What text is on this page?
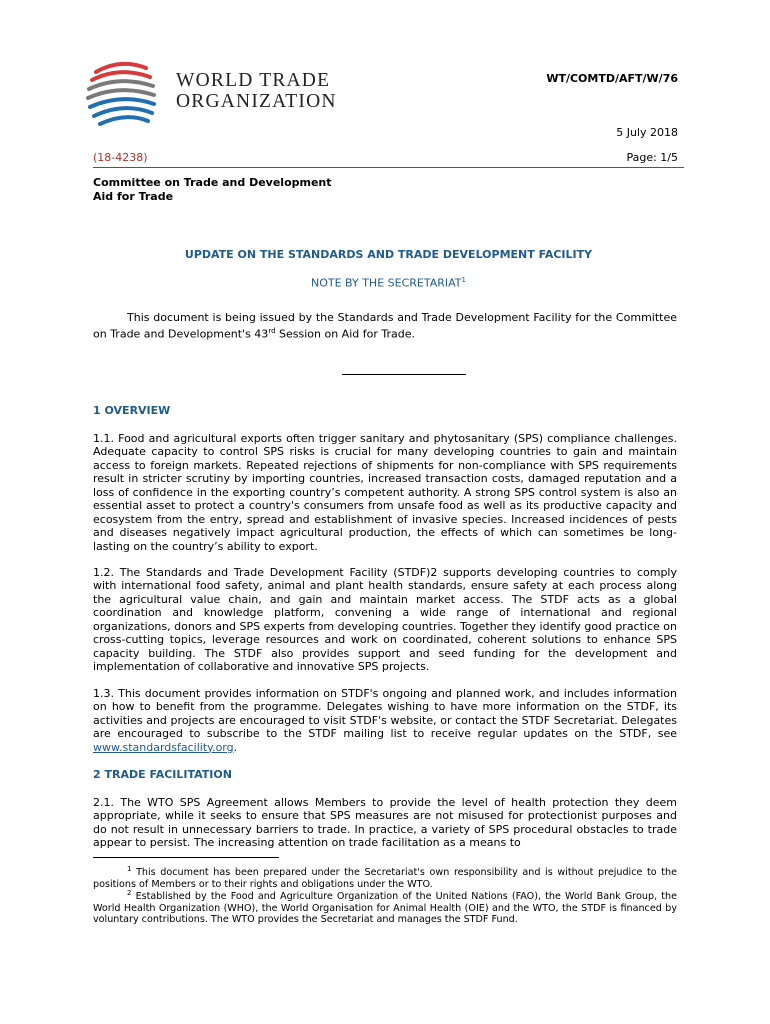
WORLD TRADE
ORGANIZATION
WT/COMTD/AFT/W/76
5 July 2018
(18-4238)	Page: 1/5
Committee on Trade and Development
Aid for Trade
UPDATE ON THE STANDARDS AND TRADE DEVELOPMENT FACILITY
NOTE BY THE SECRETARIAT$^1$
This document is being issued by the Standards and Trade Development Facility for the Committee on Trade and Development's 43rd Session on Aid for Trade.
1 OVERVIEW
1.1. Food and agricultural exports often trigger sanitary and phytosanitary (SPS) compliance challenges. Adequate capacity to control SPS risks is crucial for many developing countries to gain and maintain access to foreign markets. Repeated rejections of shipments for non-compliance with SPS requirements result in stricter scrutiny by importing countries, increased transaction costs, damaged reputation and a loss of confidence in the exporting country’s competent authority. A strong SPS control system is also an essential asset to protect a country's consumers from unsafe food as well as its productive capacity and ecosystem from the entry, spread and establishment of invasive species. Increased incidences of pests and diseases negatively impact agricultural production, the effects of which can sometimes be long-lasting on the country’s ability to export.
1.2. The Standards and Trade Development Facility (STDF)2 supports developing countries to comply with international food safety, animal and plant health standards, ensure safety at each process along the agricultural value chain, and gain and maintain market access. The STDF acts as a global coordination and knowledge platform, convening a wide range of international and regional organizations, donors and SPS experts from developing countries. Together they identify good practice on cross-cutting topics, leverage resources and work on coordinated, coherent solutions to enhance SPS capacity building. The STDF also provides support and seed funding for the development and implementation of collaborative and innovative SPS projects.
1.3. This document provides information on STDF's ongoing and planned work, and includes information on how to benefit from the programme. Delegates wishing to have more information on the STDF, its activities and projects are encouraged to visit STDF's website, or contact the STDF Secretariat. Delegates are encouraged to subscribe to the STDF mailing list to receive regular updates on the STDF, see www.standardsfacility.org.
2 TRADE FACILITATION
2.1. The WTO SPS Agreement allows Members to provide the level of health protection they deem appropriate, while it seeks to ensure that SPS measures are not misused for protectionist purposes and do not result in unnecessary barriers to trade. In practice, a variety of SPS procedural obstacles to trade appear to persist. The increasing attention on trade facilitation as a means to
$^1$ This document has been prepared under the Secretariat's own responsibility and is without prejudice to the positions of Members or to their rights and obligations under the WTO.
$^2$ Established by the Food and Agriculture Organization of the United Nations (FAO), the World Bank Group, the World Health Organization (WHO), the World Organisation for Animal Health (OIE) and the WTO, the STDF is financed by voluntary contributions. The WTO provides the Secretariat and manages the STDF Fund.
